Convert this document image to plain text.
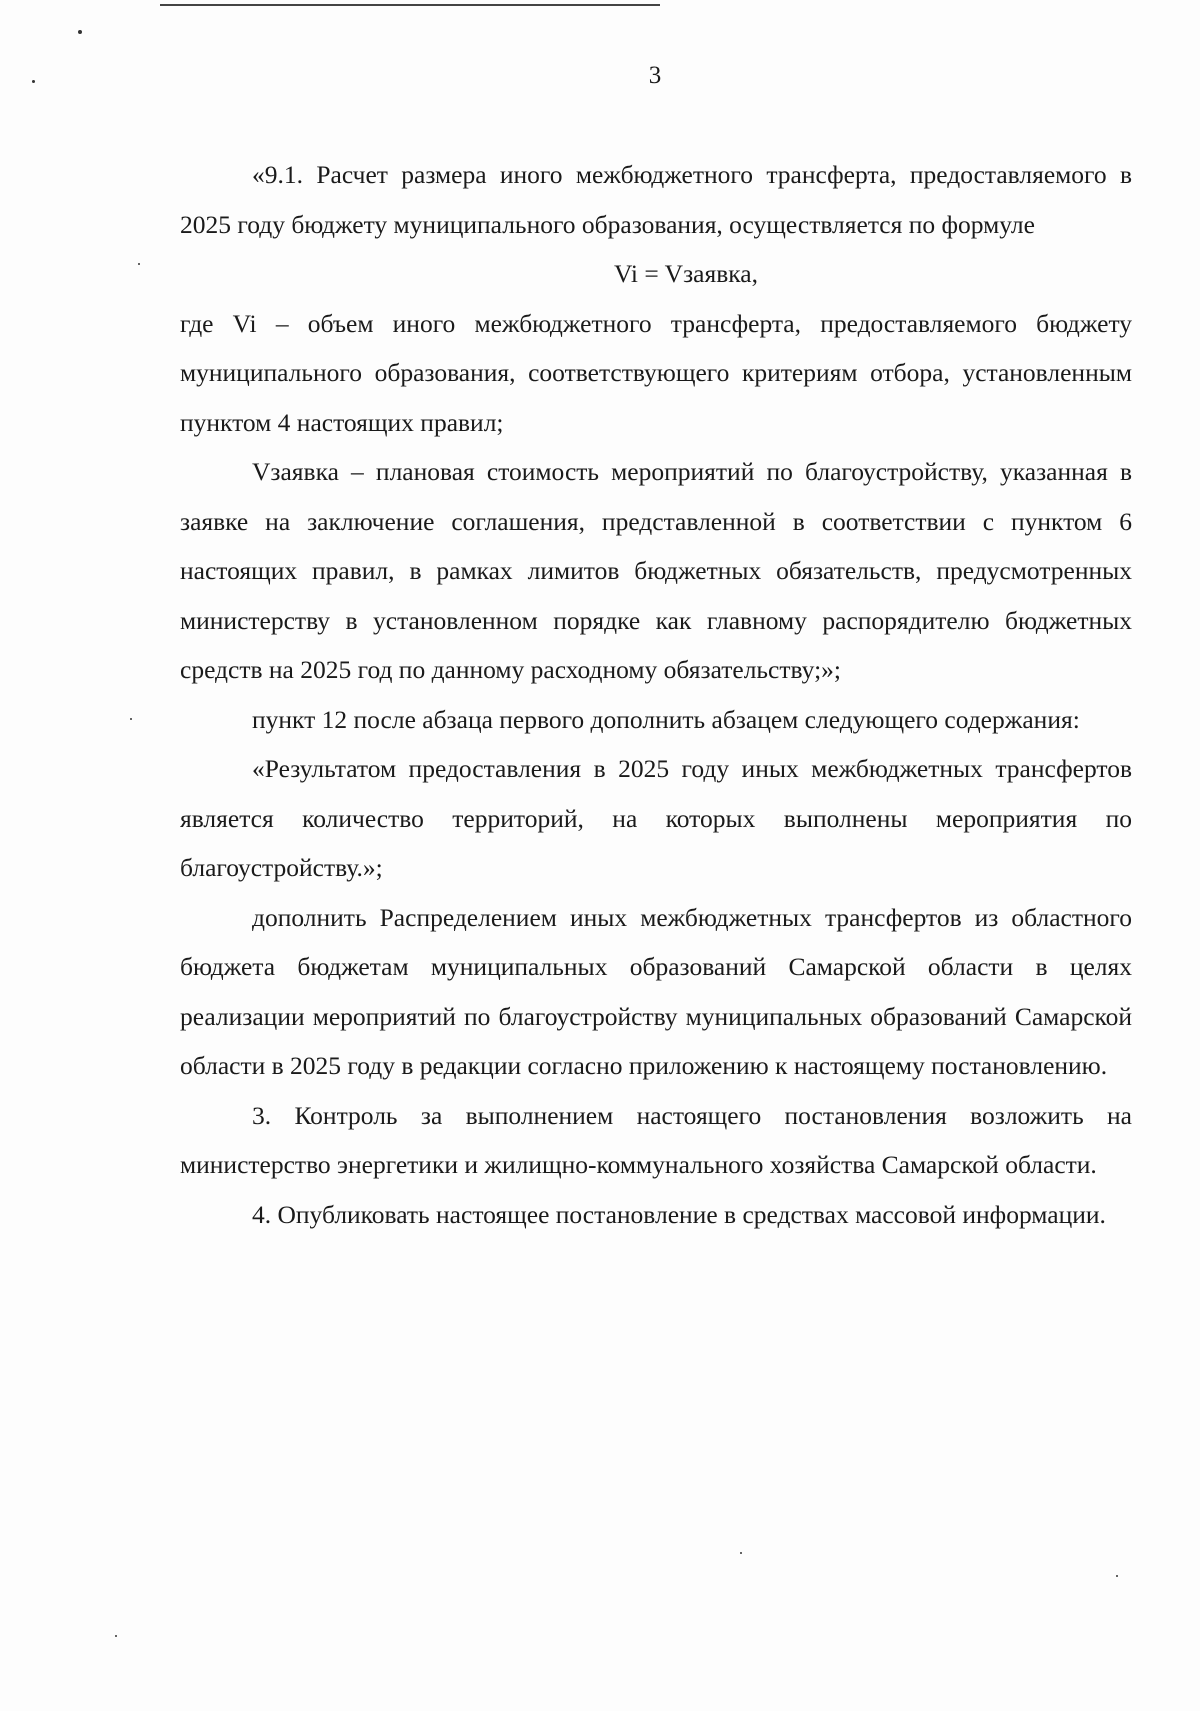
3

«9.1. Расчет размера иного межбюджетного трансферта, предоставляемого в 2025 году бюджету муниципального образования, осуществляется по формуле

Vi = Vзаявка,

где Vi – объем иного межбюджетного трансферта, предоставляемого бюджету муниципального образования, соответствующего критериям отбора, установленным пунктом 4 настоящих правил;

Vзаявка – плановая стоимость мероприятий по благоустройству, указанная в заявке на заключение соглашения, представленной в соответствии с пунктом 6 настоящих правил, в рамках лимитов бюджетных обязательств, предусмотренных министерству в установленном порядке как главному распорядителю бюджетных средств на 2025 год по данному расходному обязательству;»;

пункт 12 после абзаца первого дополнить абзацем следующего содержания:

«Результатом предоставления в 2025 году иных межбюджетных трансфертов является количество территорий, на которых выполнены мероприятия по благоустройству.»;

дополнить Распределением иных межбюджетных трансфертов из областного бюджета бюджетам муниципальных образований Самарской области в целях реализации мероприятий по благоустройству муниципальных образований Самарской области в 2025 году в редакции согласно приложению к настоящему постановлению.

3. Контроль за выполнением настоящего постановления возложить на министерство энергетики и жилищно-коммунального хозяйства Самарской области.

4. Опубликовать настоящее постановление в средствах массовой информации.
